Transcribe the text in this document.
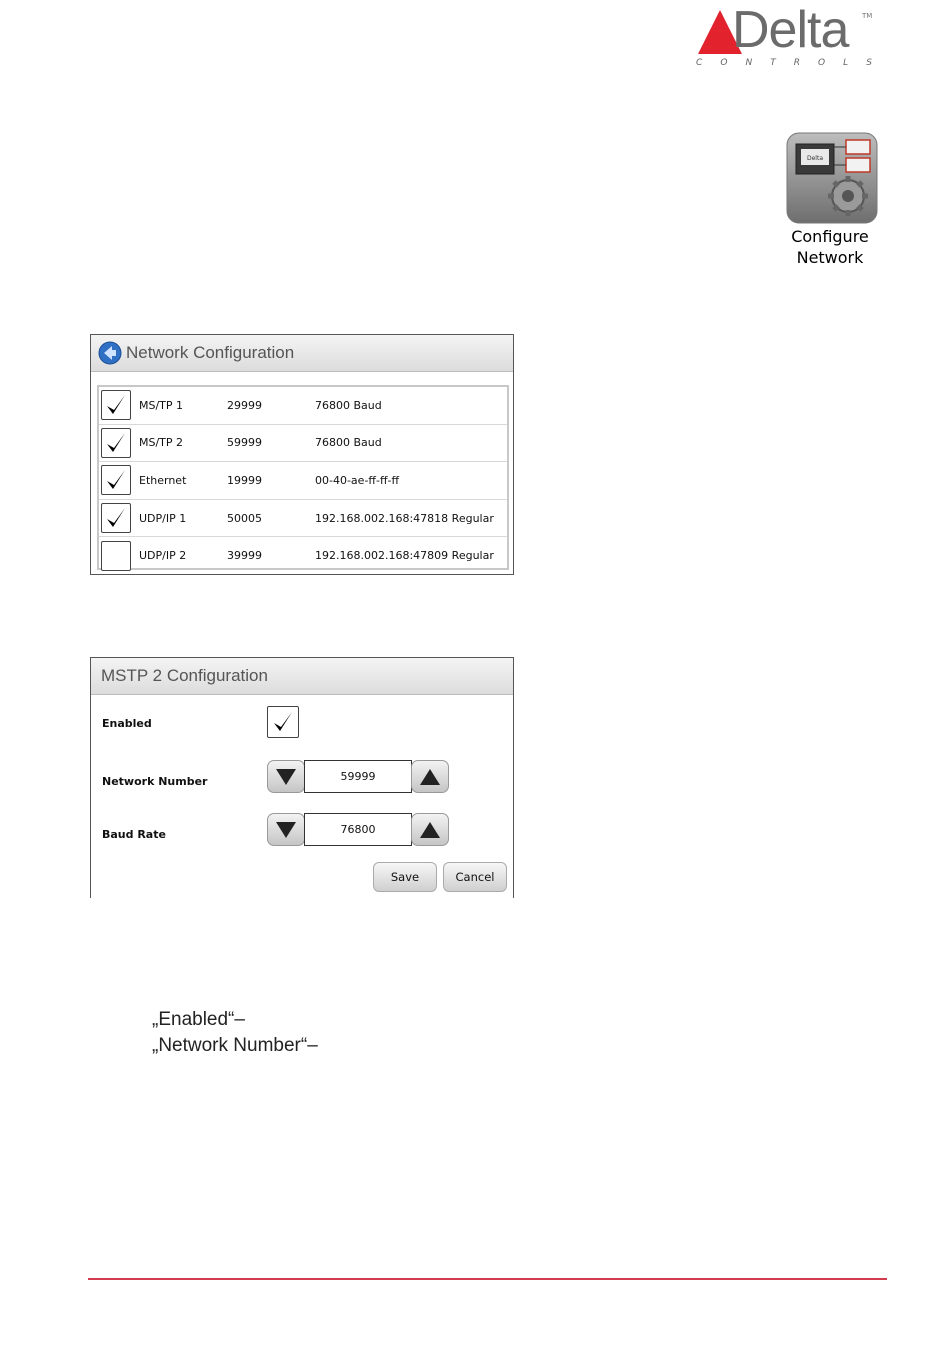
Delta TM
C O N T R O L S
Delta
Configure
Network
Network Configuration
MS/TP 1	29999	76800 Baud
MS/TP 2	59999	76800 Baud
Ethernet	19999	00-40-ae-ff-ff-ff
UDP/IP 1	50005	192.168.002.168:47818 Regular
UDP/IP 2	39999	192.168.002.168:47809 Regular
MSTP 2 Configuration
Enabled
Network Number	59999
Baud Rate	76800
Save	Cancel
„Enabled“–
„Network Number“–
